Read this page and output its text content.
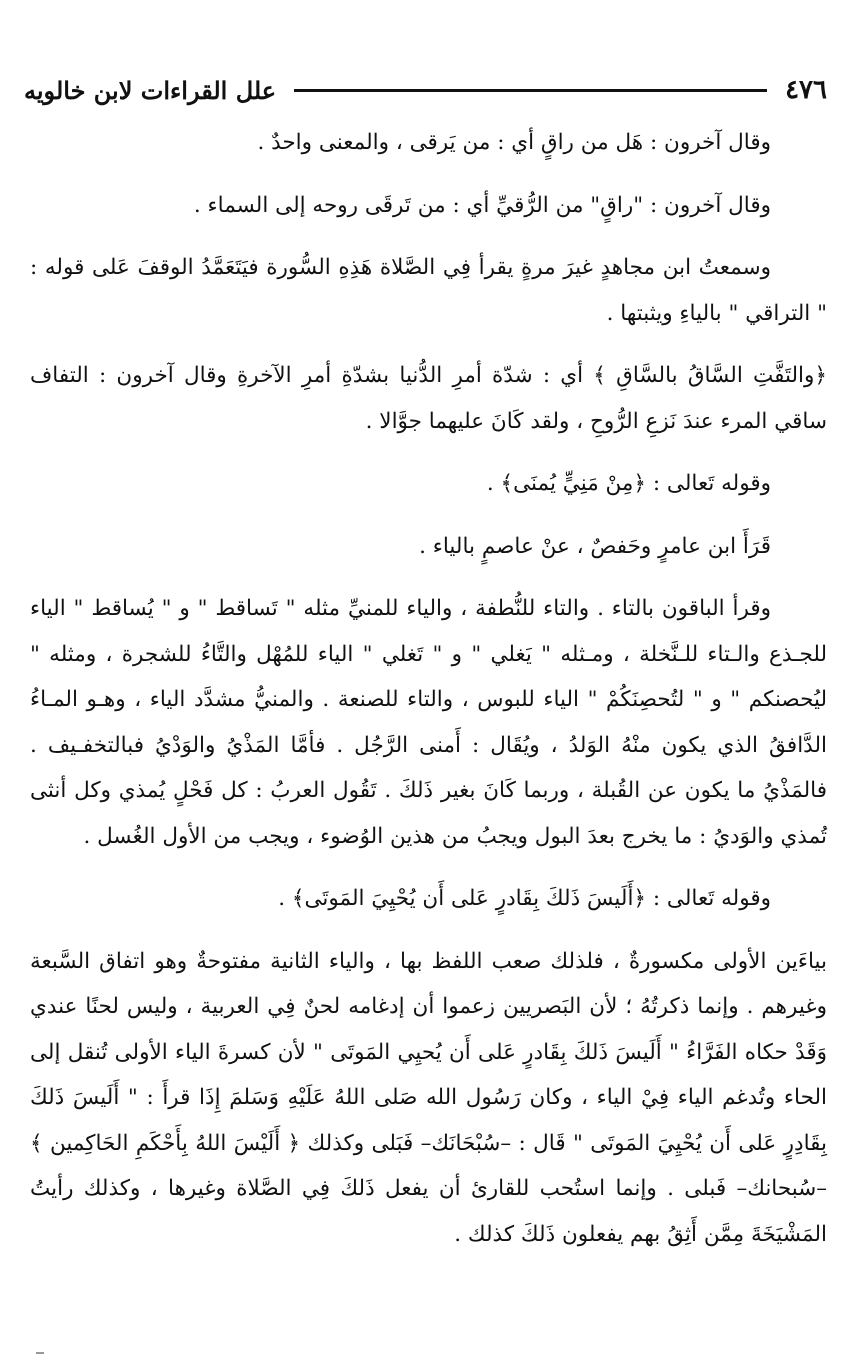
٤٧٦
علل القراءات لابن خالويه

وقال آخرون : هَل من راقٍ أي : من يَرقى ، والمعنى واحدٌ .

وقال آخرون : "راقٍ" من الرُّقيِّ أي : من تَرقَى روحه إلى السماء .

وسمعتُ ابن مجاهدٍ غيرَ مرةٍ يقرأ فِي الصَّلاة هَذِهِ السُّورة فيَتَعَمَّدُ الوقفَ عَلى قوله : " التراقي " بالياءِ ويثبتها .

﴿والتَفَّتِ السَّاقُ بالسَّاقِ ﴾ أي : شدّة أمرِ الدُّنيا بشدّةِ أمرِ الآخرةِ وقال آخرون : التفاف ساقي المرء عندَ نَزعِ الرُّوحِ ، ولقد كَانَ عليهما جوَّالا .

وقوله تَعالى : ﴿مِنْ مَنِيٍّ يُمنَى﴾ .

قَرَأَ ابن عامرٍ وحَفصٌ ، عنْ عاصمٍ بالياء .

وقرأ الباقون بالتاء . والتاء للنُّطفة ، والياء للمنيِّ مثله " تَساقط " و " يُساقط " الياء للجـذع والـتاء للـنَّخلة ، ومـثله " يَغلي " و " تَغلي " الياء للمُهْل والتَّاءُ للشجرة ، ومثله " ليُحصنكم " و " لتُحصِنَكُمْ " الياء للبوس ، والتاء للصنعة . والمنيُّ مشدَّد الياء ، وهـو المـاءُ الدَّافقُ الذي يكون منْهُ الوَلدُ ، ويُقَال : أَمنى الرَّجُل . فأمَّا المَذْيُ والوَدْيُ فبالتخفـيف . فالمَذْيُ ما يكون عن القُبلة ، وربما كَانَ بغير ذَلكَ . تَقُول العربُ : كل فَحْلٍ يُمذي وكل أنثى تُمذي والوَديُ : ما يخرج بعدَ البول ويجبُ من هذين الوُضوء ، ويجب من الأول الغُسل .

وقوله تَعالى : ﴿أَلَيسَ ذَلكَ بِقَادرٍ عَلى أَن يُحْيِيَ المَوتَى﴾ .

بياءَين الأولى مكسورةٌ ، فلذلك صعب اللفظ بها ، والياء الثانية مفتوحةٌ وهو اتفاق السَّبعة وغيرهم . وإنما ذكرتُهُ ؛ لأن البَصريين زعموا أن إدغامه لحنٌ فِي العربية ، وليس لحنًا عندي وَقَدْ حكاه الفَرَّاءُ " أَلَيسَ ذَلكَ بِقَادرٍ عَلى أَن يُحيِي المَوتَى " لأن كسرةَ الياء الأولى تُنقل إلى الحاء وتُدغم الياء فِيْ الياء ، وكان رَسُول الله صَلى اللهُ عَلَيْهِ وَسَلمَ إِذَا قرأَ : " أَلَيسَ ذَلكَ بِقَادِرٍ عَلى أَن يُحْيِيَ المَوتَى " قَال : –سُبْحَانَك– فَبَلى وكذلك ﴿ أَلَيْسَ اللهُ بِأَحْكَمِ الحَاكِمين ﴾ –سُبحانك– فَبلى . وإنما استُحب للقارئ أن يفعل ذَلكَ فِي الصَّلاة وغيرها ، وكذلك رأيتُ المَشْيَخَةَ مِمَّن أَثِقُ بهم يفعلون ذَلكَ كذلك .
